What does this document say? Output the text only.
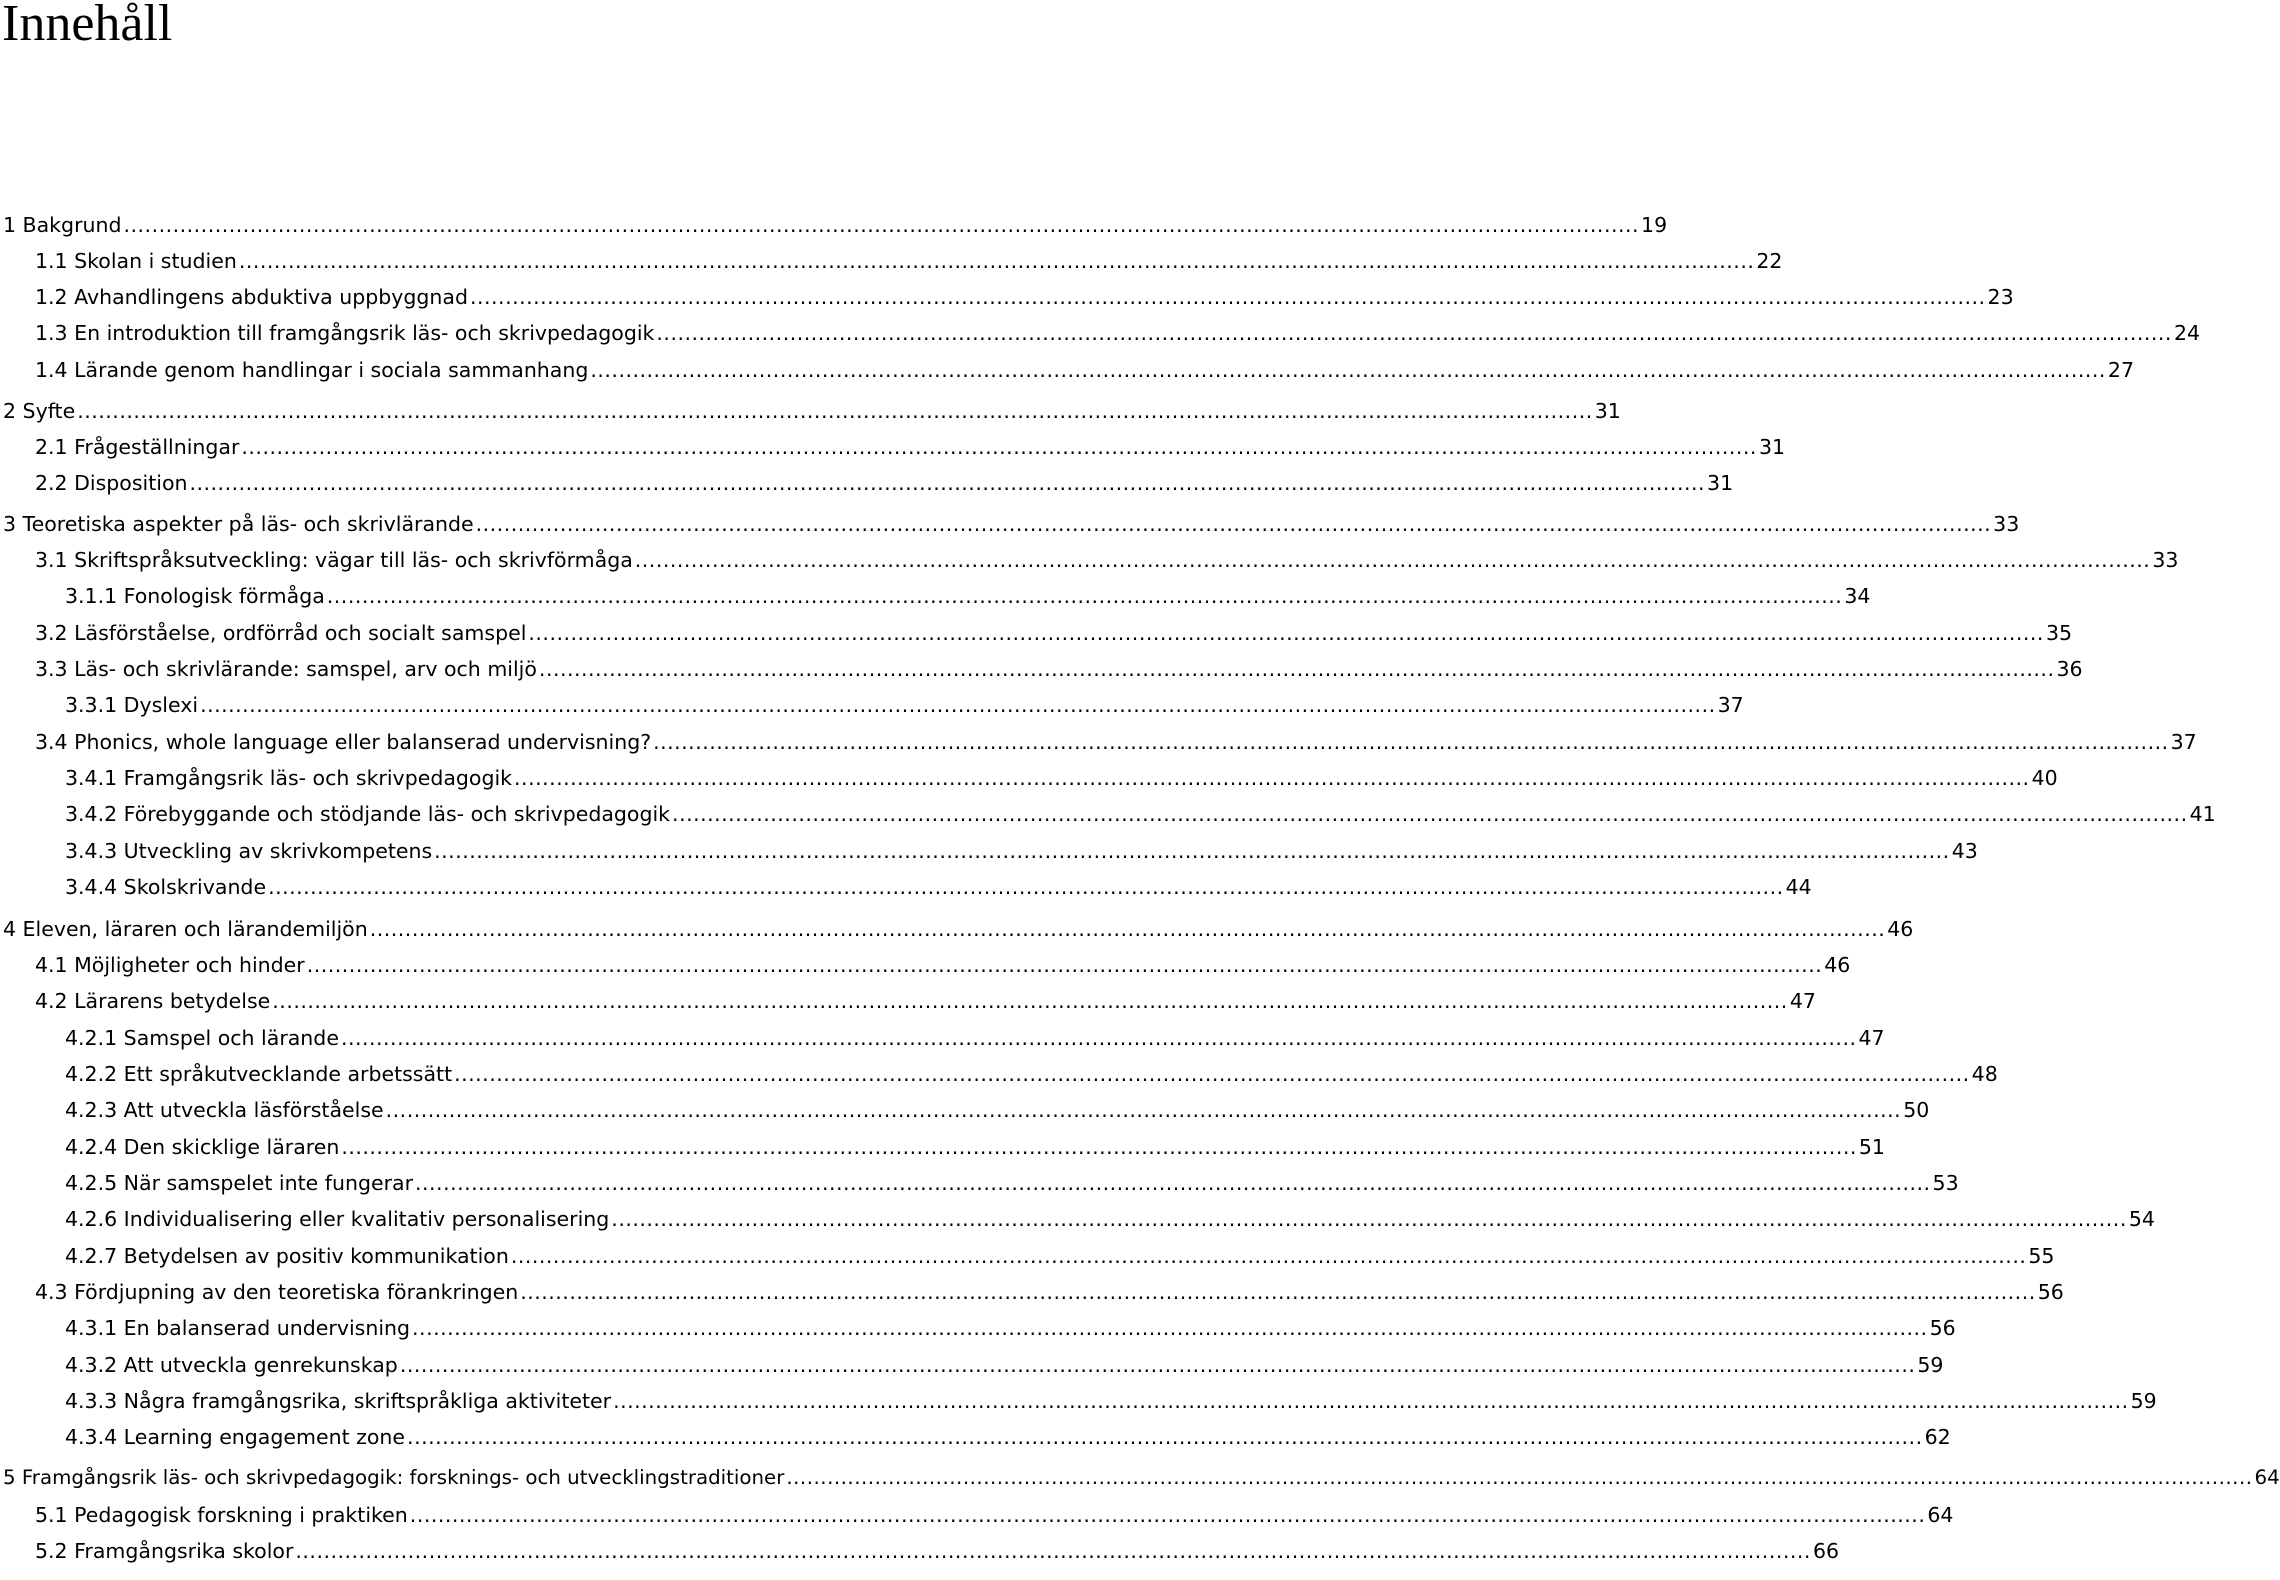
Innehåll
1 Bakgrund .....	19
1.1 Skolan i studien .....	22
1.2 Avhandlingens abduktiva uppbyggnad .....	23
1.3 En introduktion till framgångsrik läs- och skrivpedagogik .....	24
1.4 Lärande genom handlingar i sociala sammanhang .....	27
2 Syfte .....	31
2.1 Frågeställningar .....	31
2.2 Disposition .....	31
3 Teoretiska aspekter på läs- och skrivlärande .....	33
3.1 Skriftspråksutveckling: vägar till läs- och skrivförmåga .....	33
3.1.1 Fonologisk förmåga .....	34
3.2 Läsförståelse, ordförråd och socialt samspel .....	35
3.3 Läs- och skrivlärande: samspel, arv och miljö .....	36
3.3.1 Dyslexi .....	37
3.4 Phonics, whole language eller balanserad undervisning? .....	37
3.4.1 Framgångsrik läs- och skrivpedagogik .....	40
3.4.2 Förebyggande och stödjande läs- och skrivpedagogik .....	41
3.4.3 Utveckling av skrivkompetens .....	43
3.4.4 Skolskrivande .....	44
4 Eleven, läraren och lärandemiljön .....	46
4.1 Möjligheter och hinder .....	46
4.2 Lärarens betydelse .....	47
4.2.1 Samspel och lärande .....	47
4.2.2 Ett språkutvecklande arbetssätt .....	48
4.2.3 Att utveckla läsförståelse .....	50
4.2.4 Den skicklige läraren .....	51
4.2.5 När samspelet inte fungerar .....	53
4.2.6 Individualisering eller kvalitativ personalisering .....	54
4.2.7 Betydelsen av positiv kommunikation .....	55
4.3 Fördjupning av den teoretiska förankringen .....	56
4.3.1 En balanserad undervisning .....	56
4.3.2 Att utveckla genrekunskap .....	59
4.3.3 Några framgångsrika, skriftspråkliga aktiviteter .....	59
4.3.4 Learning engagement zone .....	62
5 Framgångsrik läs- och skrivpedagogik: forsknings- och utvecklingstraditioner .....	64
5.1 Pedagogisk forskning i praktiken .....	64
5.2 Framgångsrika skolor .....	66
